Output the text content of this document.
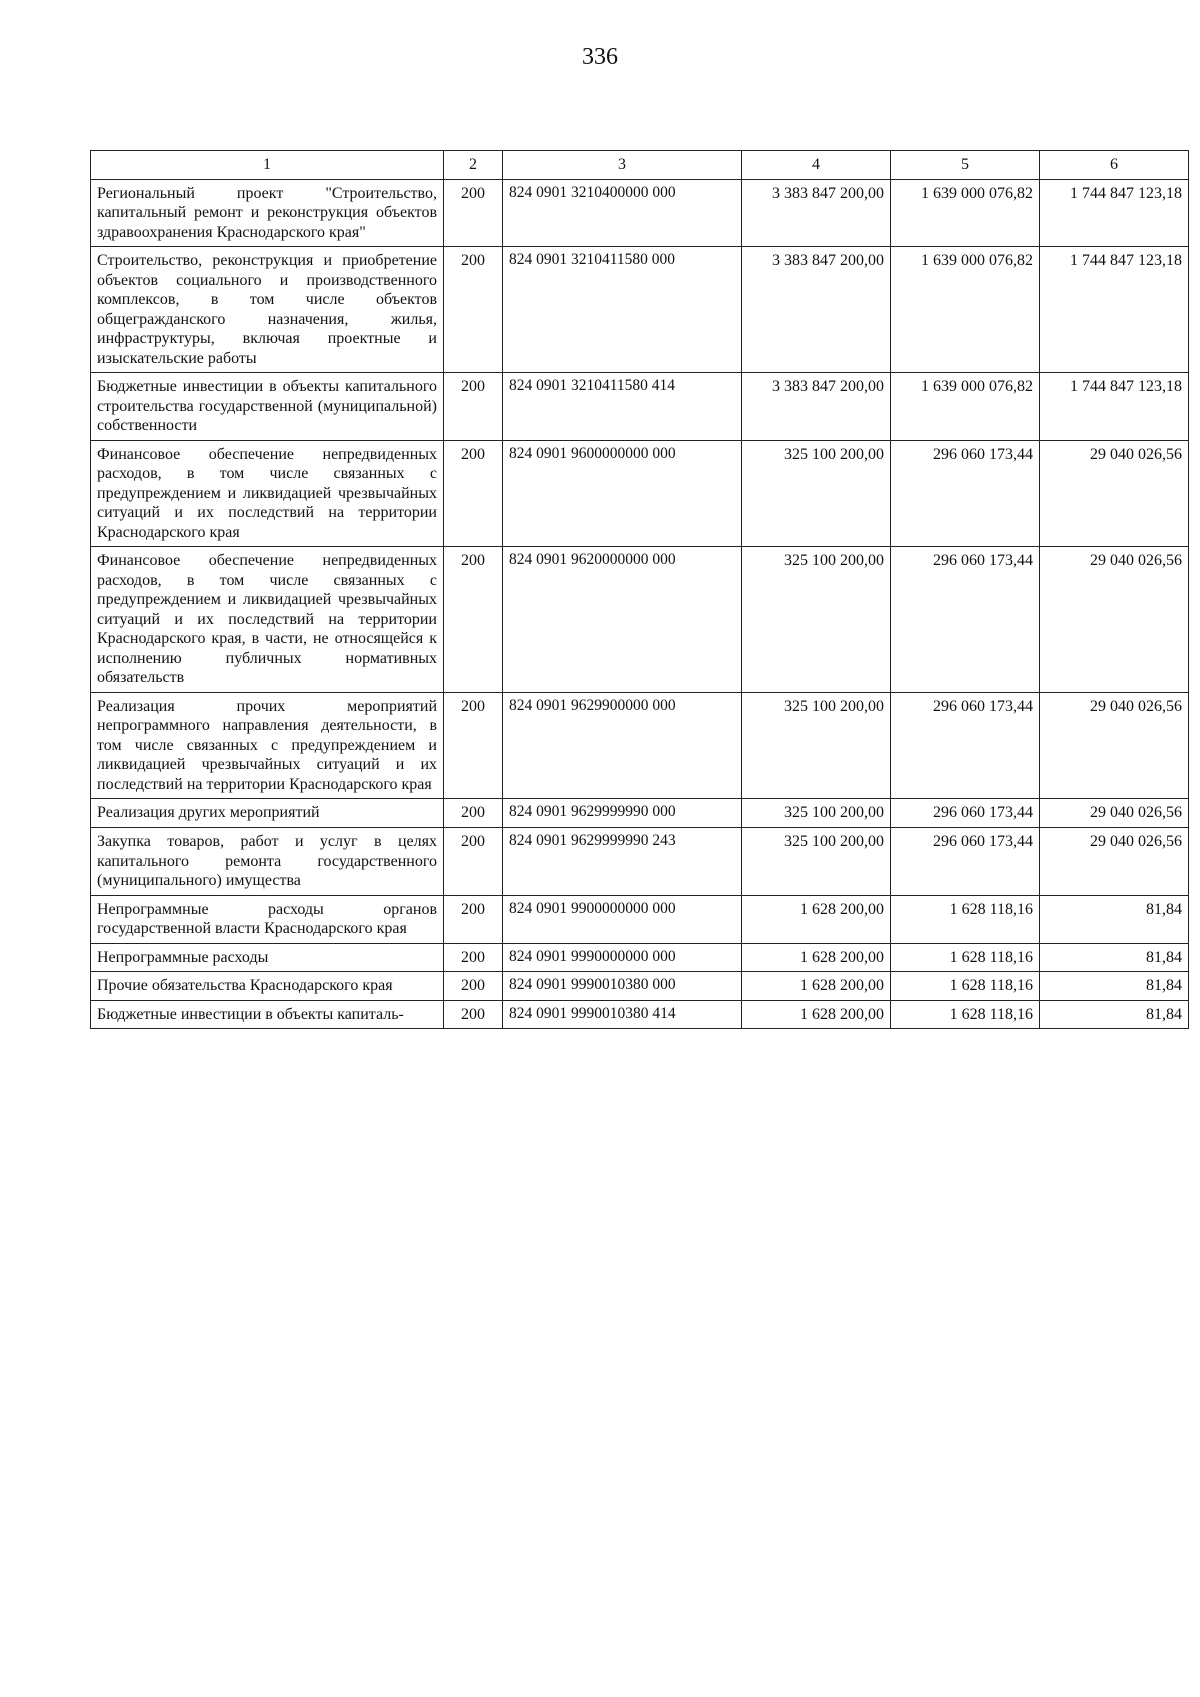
336
1	2	3	4	5	6
Региональный проект "Строительство, капитальный ремонт и реконструкция объектов здравоохранения Краснодарского края"	200	824 0901 3210400000 000	3 383 847 200,00	1 639 000 076,82	1 744 847 123,18
Строительство, реконструкция и приобретение объектов социального и производственного комплексов, в том числе объектов общегражданского назначения, жилья, инфраструктуры, включая проектные и изыскательские работы	200	824 0901 3210411580 000	3 383 847 200,00	1 639 000 076,82	1 744 847 123,18
Бюджетные инвестиции в объекты капитального строительства государственной (муниципальной) собственности	200	824 0901 3210411580 414	3 383 847 200,00	1 639 000 076,82	1 744 847 123,18
Финансовое обеспечение непредвиденных расходов, в том числе связанных с предупреждением и ликвидацией чрезвычайных ситуаций и их последствий на территории Краснодарского края	200	824 0901 9600000000 000	325 100 200,00	296 060 173,44	29 040 026,56
Финансовое обеспечение непредвиденных расходов, в том числе связанных с предупреждением и ликвидацией чрезвычайных ситуаций и их последствий на территории Краснодарского края, в части, не относящейся к исполнению публичных нормативных обязательств	200	824 0901 9620000000 000	325 100 200,00	296 060 173,44	29 040 026,56
Реализация прочих мероприятий непрограммного направления деятельности, в том числе связанных с предупреждением и ликвидацией чрезвычайных ситуаций и их последствий на территории Краснодарского края	200	824 0901 9629900000 000	325 100 200,00	296 060 173,44	29 040 026,56
Реализация других мероприятий	200	824 0901 9629999990 000	325 100 200,00	296 060 173,44	29 040 026,56
Закупка товаров, работ и услуг в целях капитального ремонта государственного (муниципального) имущества	200	824 0901 9629999990 243	325 100 200,00	296 060 173,44	29 040 026,56
Непрограммные расходы органов государственной власти Краснодарского края	200	824 0901 9900000000 000	1 628 200,00	1 628 118,16	81,84
Непрограммные расходы	200	824 0901 9990000000 000	1 628 200,00	1 628 118,16	81,84
Прочие обязательства Краснодарского края	200	824 0901 9990010380 000	1 628 200,00	1 628 118,16	81,84
Бюджетные инвестиции в объекты капиталь-	200	824 0901 9990010380 414	1 628 200,00	1 628 118,16	81,84
